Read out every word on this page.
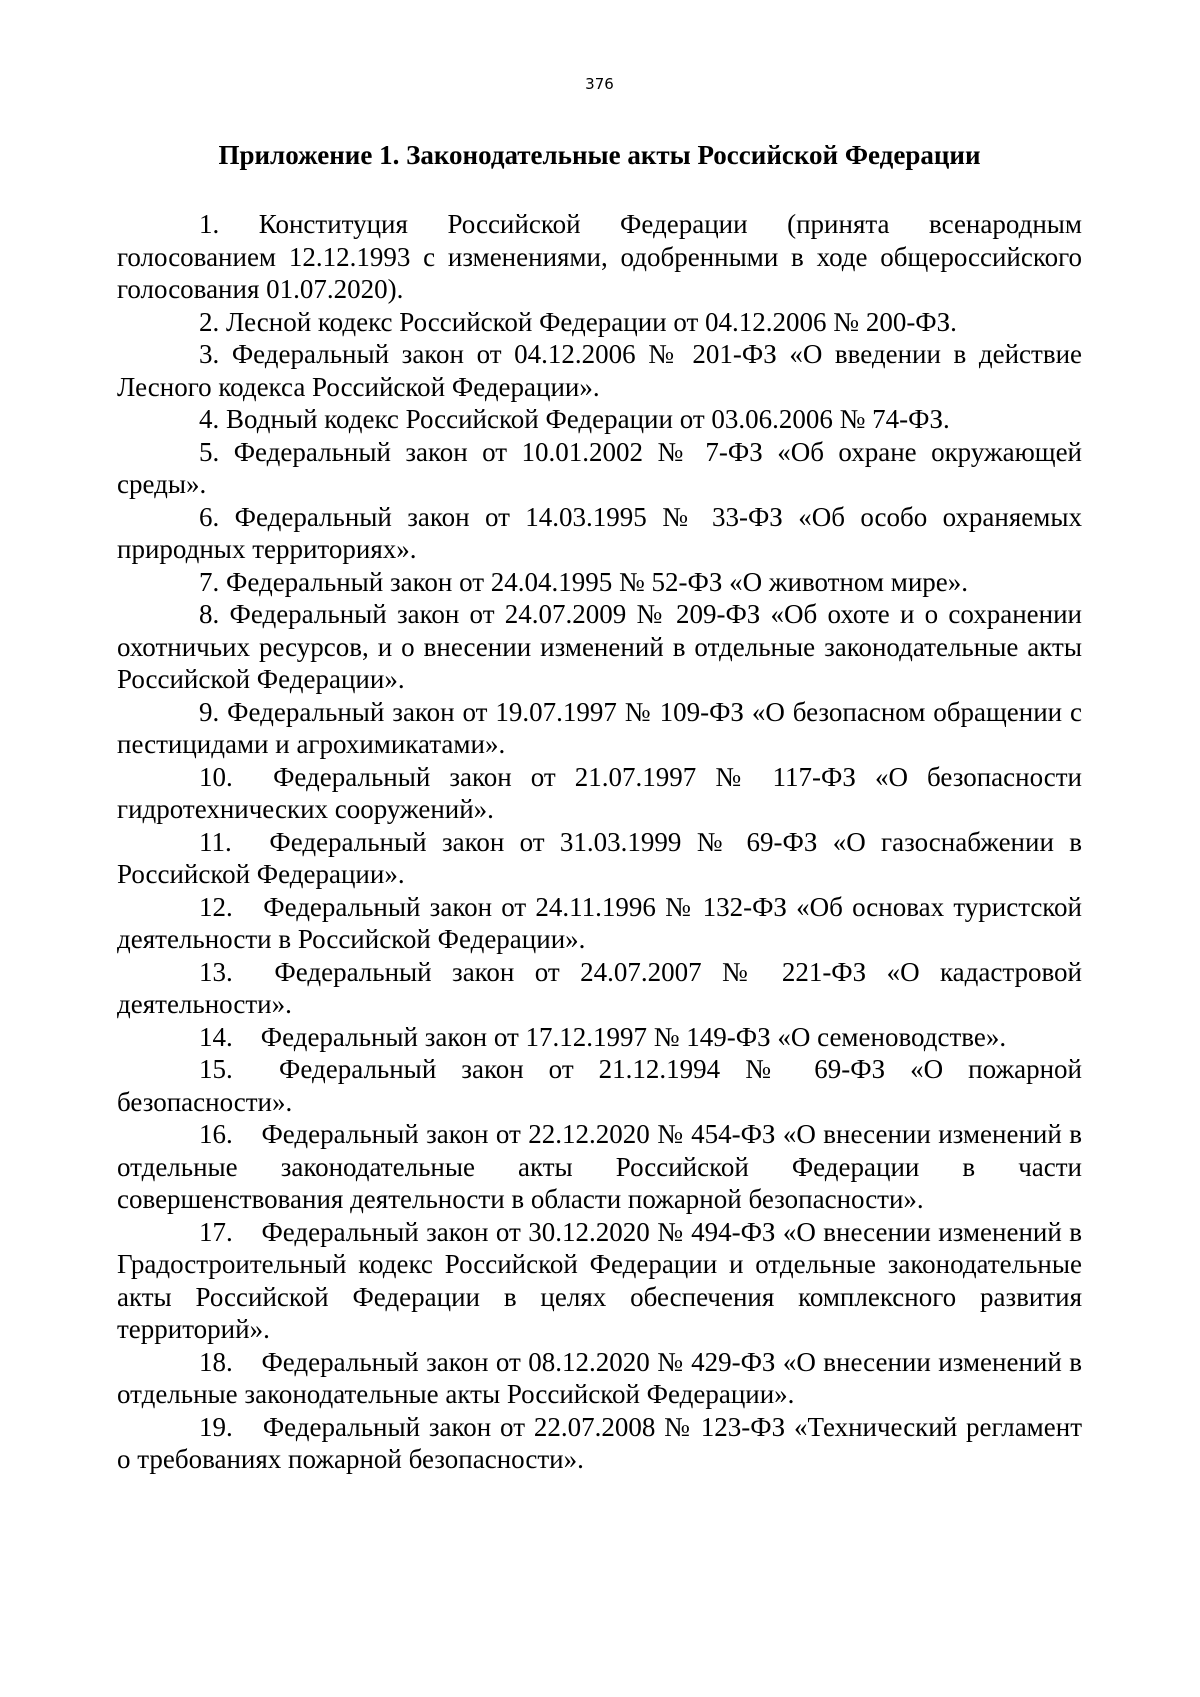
376
Приложение 1. Законодательные акты Российской Федерации

1. Конституция Российской Федерации (принята всенародным голосованием 12.12.1993 с изменениями, одобренными в ходе общероссийского голосования 01.07.2020).

2. Лесной кодекс Российской Федерации от 04.12.2006 № 200-ФЗ.

3. Федеральный закон от 04.12.2006 № 201-ФЗ «О введении в действие Лесного кодекса Российской Федерации».

4. Водный кодекс Российской Федерации от 03.06.2006 № 74-ФЗ.

5. Федеральный закон от 10.01.2002 № 7-ФЗ «Об охране окружающей среды».

6. Федеральный закон от 14.03.1995 № 33-ФЗ «Об особо охраняемых природных территориях».

7. Федеральный закон от 24.04.1995 № 52-ФЗ «О животном мире».

8. Федеральный закон от 24.07.2009 № 209-ФЗ «Об охоте и о сохранении охотничьих ресурсов, и о внесении изменений в отдельные законодательные акты Российской Федерации».

9. Федеральный закон от 19.07.1997 № 109-ФЗ «О безопасном обращении с пестицидами и агрохимикатами».

10. Федеральный закон от 21.07.1997 № 117-ФЗ «О безопасности гидротехнических сооружений».

11. Федеральный закон от 31.03.1999 № 69-ФЗ «О газоснабжении в Российской Федерации».

12. Федеральный закон от 24.11.1996 № 132-ФЗ «Об основах туристской деятельности в Российской Федерации».

13. Федеральный закон от 24.07.2007 № 221-ФЗ «О кадастровой деятельности».

14. Федеральный закон от 17.12.1997 № 149-ФЗ «О семеноводстве».

15. Федеральный закон от 21.12.1994 № 69-ФЗ «О пожарной безопасности».

16. Федеральный закон от 22.12.2020 № 454-ФЗ «О внесении изменений в отдельные законодательные акты Российской Федерации в части совершенствования деятельности в области пожарной безопасности».

17. Федеральный закон от 30.12.2020 № 494-ФЗ «О внесении изменений в Градостроительный кодекс Российской Федерации и отдельные законодательные акты Российской Федерации в целях обеспечения комплексного развития территорий».

18. Федеральный закон от 08.12.2020 № 429-ФЗ «О внесении изменений в отдельные законодательные акты Российской Федерации».

19. Федеральный закон от 22.07.2008 № 123-ФЗ «Технический регламент о требованиях пожарной безопасности».
